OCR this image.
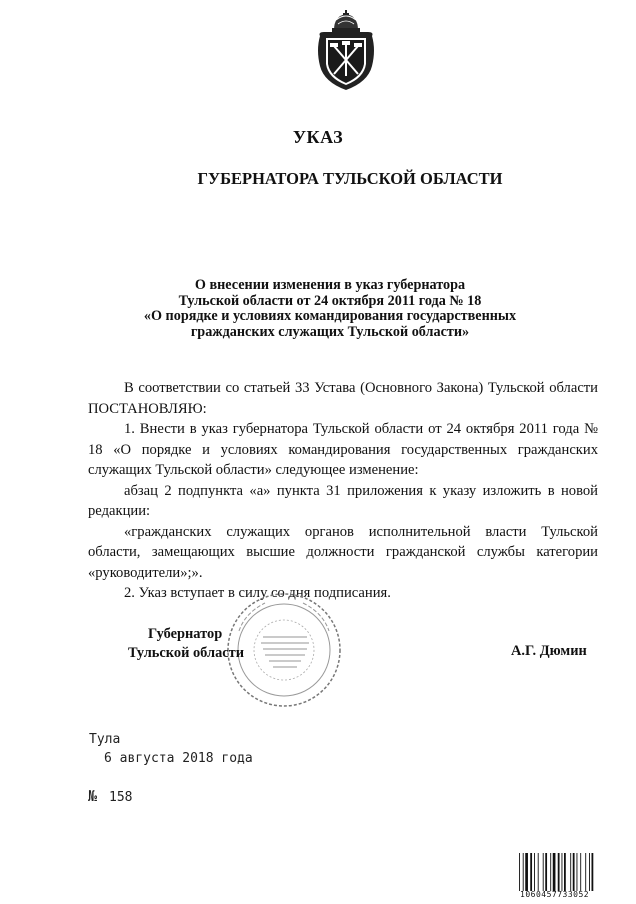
УКАЗ
ГУБЕРНАТОРА ТУЛЬСКОЙ ОБЛАСТИ
О внесении изменения в указ губернатора
Тульской области от 24 октября 2011 года № 18
«О порядке и условиях командирования государственных
гражданских служащих Тульской области»

В соответствии со статьей 33 Устава (Основного Закона) Тульской области ПОСТАНОВЛЯЮ:

1. Внести в указ губернатора Тульской области от 24 октября 2011 года № 18 «О порядке и условиях командирования государственных гражданских служащих Тульской области» следующее изменение:

абзац 2 подпункта «а» пункта 31 приложения к указу изложить в новой редакции:

«гражданских служащих органов исполнительной власти Тульской области, замещающих высшие должности гражданской службы категории «руководители»;».

2. Указ вступает в силу со дня подписания.

Губернатор
Тульской области	А.Г. Дюмин
Тула
6 августа 2018 года
№ 158
1060457733052
